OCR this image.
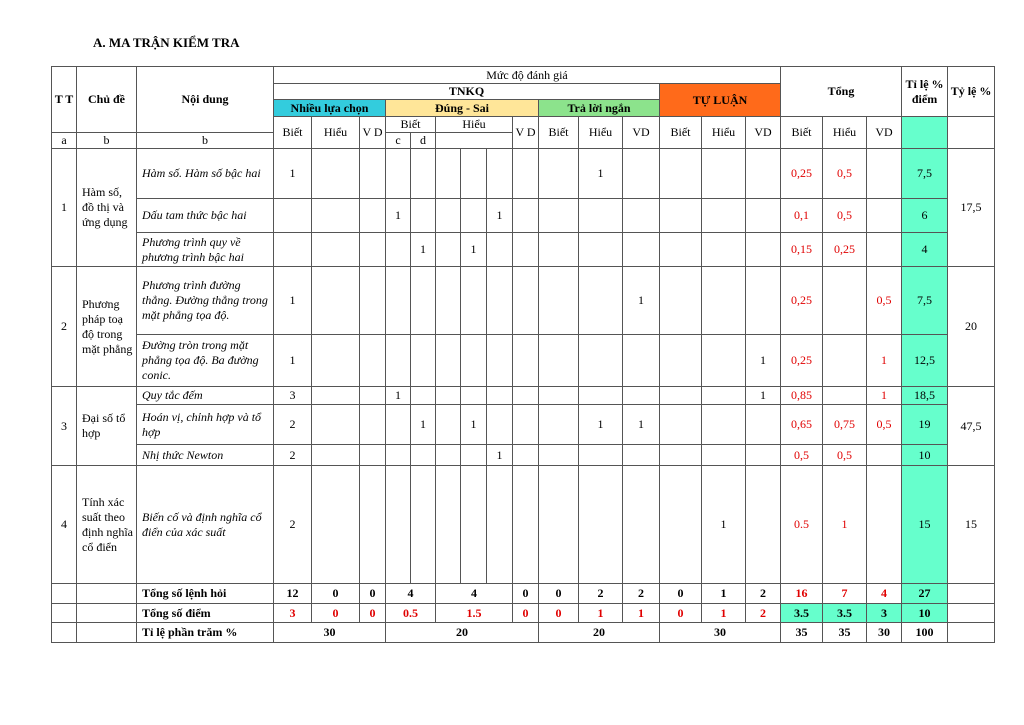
A. MA TRẬN KIỂM TRA
T T	Chủ đề	Nội dung	Mức độ đánh giá															Tổng			Tỉ lệ % điểm	Tỷ lệ %
			TNKQ												TỰ LUẬN							
			Nhiều lựa chọn			Đúng - Sai						Trả lời ngắn										
			Biết	Hiểu	V D	Biết		Hiểu			V D	Biết	Hiểu	VD	Biết	Hiểu	VD	Biết	Hiểu	VD		
a	b	b				c	d															
1	Hàm số, đồ thị và ứng dụng	Hàm số. Hàm số bậc hai	1										1					0,25	0,5		7,5	17,5
		Dấu tam thức bậc hai				1				1								0,1	0,5		6	
		Phương trình quy về phương trình bậc hai					1		1									0,15	0,25		4	
2	Phương pháp toạ độ trong mặt phẳng	Phương trình đường thẳng. Đường thẳng trong mặt phẳng tọa độ.	1											1				0,25		0,5	7,5	20
		Đường tròn trong mặt phẳng tọa độ. Ba đường conic.	1														1	0,25		1	12,5	
3	Đại số tổ hợp	Quy tắc đếm	3			1											1	0,85		1	18,5	47,5
		Hoán vị, chỉnh hợp và tổ hợp	2				1		1				1	1				0,65	0,75	0,5	19	
		Nhị thức Newton	2							1								0,5	0,5		10	
4	Tính xác suất theo định nghĩa cổ điển	Biến cố và định nghĩa cổ điển của xác suất	2													1		0.5	1		15	15
		Tổng số lệnh hỏi	12	0	0	4		4			0	0	2	2	0	1	2	16	7	4	27	
		Tổng số điểm	3	0	0	0.5		1.5			0	0	1	1	0	1	2	3.5	3.5	3	10	
		Tỉ lệ phần trăm %	30			20						20			30			35	35	30	100	
